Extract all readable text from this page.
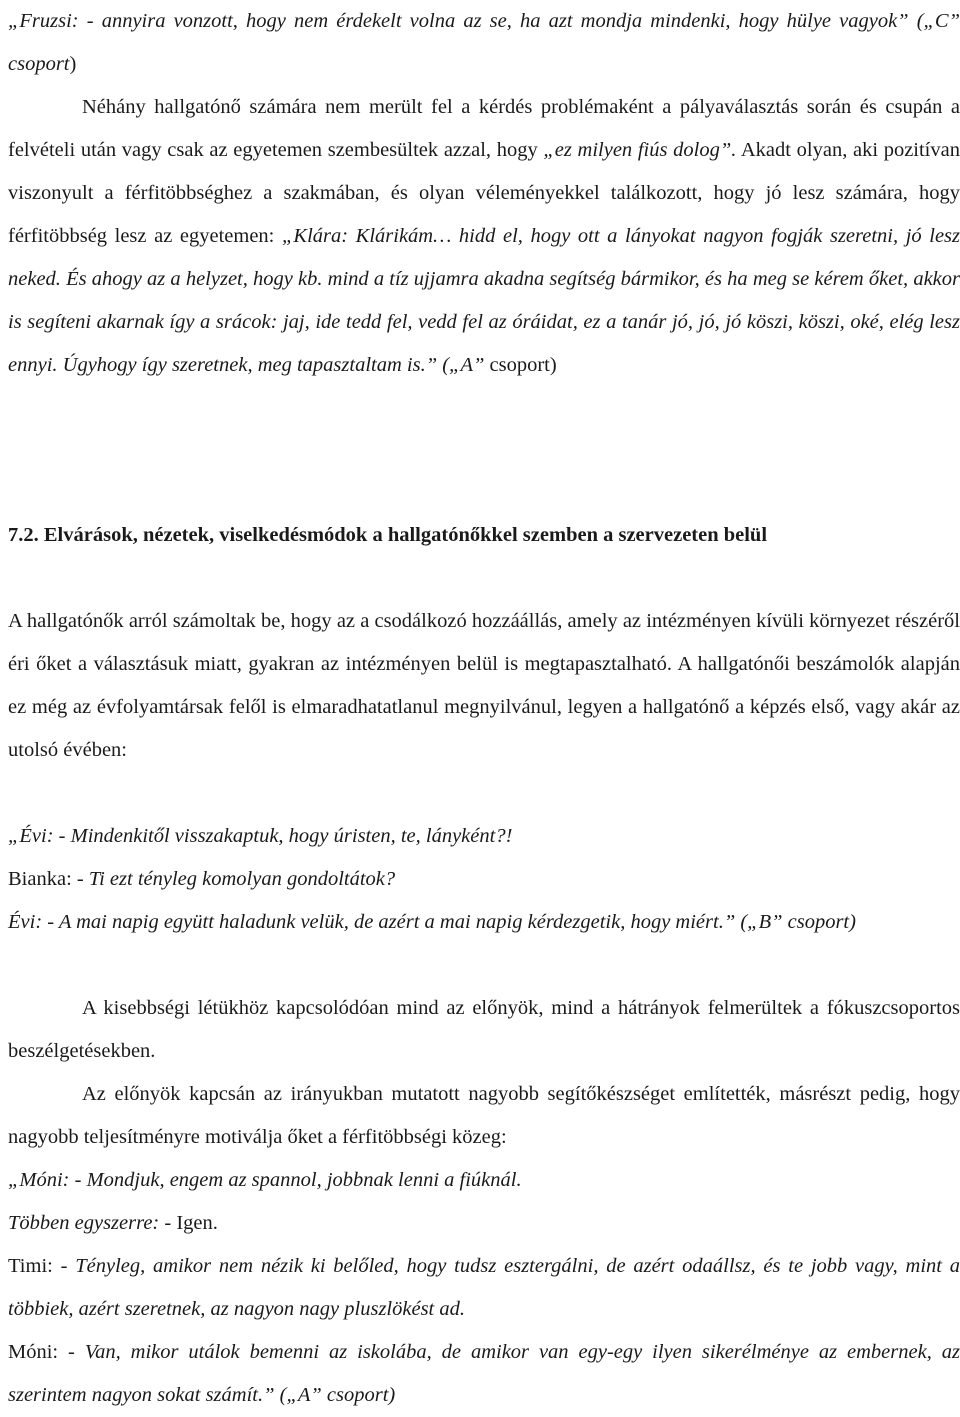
„Fruzsi: - annyira vonzott, hogy nem érdekelt volna az se, ha azt mondja mindenki, hogy hülye vagyok” („C” csoport)
Néhány hallgatónő számára nem merült fel a kérdés problémaként a pályaválasztás során és csupán a felvételi után vagy csak az egyetemen szembesültek azzal, hogy „ez milyen fiús dolog”. Akadt olyan, aki pozitívan viszonyult a férfitöbbséghez a szakmában, és olyan véleményekkel találkozott, hogy jó lesz számára, hogy férfitöbbség lesz az egyetemen: „Klára: Klárikám… hidd el, hogy ott a lányokat nagyon fogják szeretni, jó lesz neked. És ahogy az a helyzet, hogy kb. mind a tíz ujjamra akadna segítség bármikor, és ha meg se kérem őket, akkor is segíteni akarnak így a srácok: jaj, ide tedd fel, vedd fel az óráidat, ez a tanár jó, jó, jó köszi, köszi, oké, elég lesz ennyi. Úgyhogy így szeretnek, meg tapasztaltam is.” („A” csoport)
7.2. Elvárások, nézetek, viselkedésmódok a hallgatónőkkel szemben a szervezeten belül
A hallgatónők arról számoltak be, hogy az a csodálkozó hozzáállás, amely az intézményen kívüli környezet részéről éri őket a választásuk miatt, gyakran az intézményen belül is megtapasztalható. A hallgatónői beszámolók alapján ez még az évfolyamtársak felől is elmaradhatatlanul megnyilvánul, legyen a hallgatónő a képzés első, vagy akár az utolsó évében:
„Évi: - Mindenkitől visszakaptuk, hogy úristen, te, lányként?!
Bianka: - Ti ezt tényleg komolyan gondoltátok?
Évi: - A mai napig együtt haladunk velük, de azért a mai napig kérdezgetik, hogy miért.” („B” csoport)
A kisebbségi létükhöz kapcsolódóan mind az előnyök, mind a hátrányok felmerültek a fókuszcsoportos beszélgetésekben.
Az előnyök kapcsán az irányukban mutatott nagyobb segítőkészséget említették, másrészt pedig, hogy nagyobb teljesítményre motiválja őket a férfitöbbségi közeg:
„Móni: - Mondjuk, engem az spannol, jobbnak lenni a fiúknál.
Többen egyszerre: - Igen.
Timi: - Tényleg, amikor nem nézik ki belőled, hogy tudsz esztergálni, de azért odaállsz, és te jobb vagy, mint a többiek, azért szeretnek, az nagyon nagy pluszlökést ad.
Móni: - Van, mikor utálok bemenni az iskolába, de amikor van egy-egy ilyen sikerélménye az embernek, az szerintem nagyon sokat számít.” („A” csoport)
